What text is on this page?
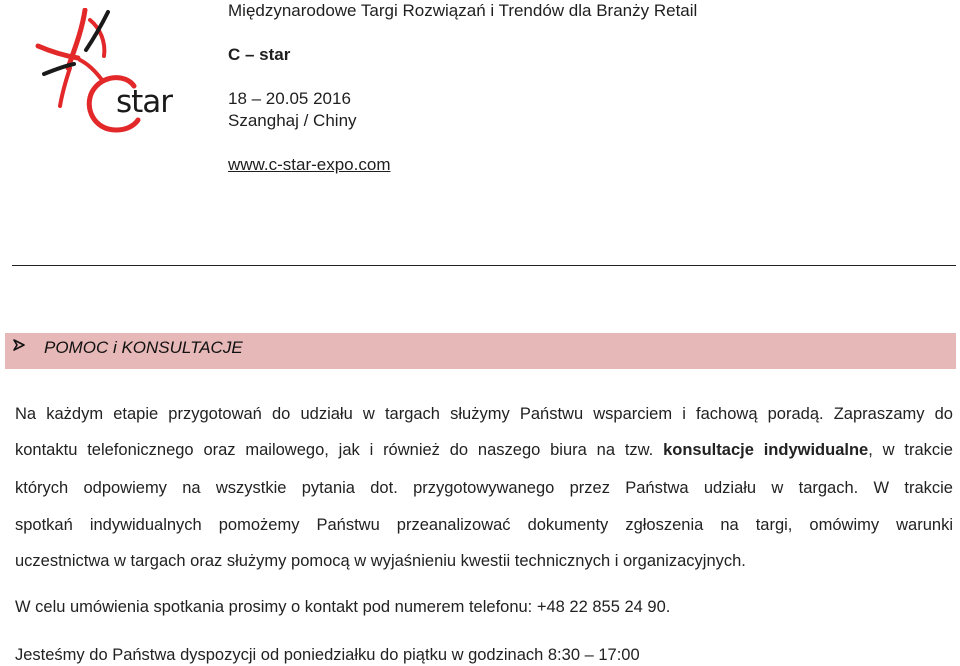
star
Międzynarodowe Targi Rozwiązań i Trendów dla Branży Retail
C – star
18 – 20.05 2016
Szanghaj / Chiny
www.c-star-expo.com
POMOC i KONSULTACJE
Na każdym etapie przygotowań do udziału w targach służymy Państwu wsparciem i fachową poradą. Zapraszamy do
kontaktu telefonicznego oraz mailowego, jak i również do naszego biura na tzw. konsultacje indywidualne, w trakcie
których odpowiemy na wszystkie pytania dot. przygotowywanego przez Państwa udziału w targach. W trakcie
spotkań indywidualnych pomożemy Państwu przeanalizować dokumenty zgłoszenia na targi, omówimy warunki
uczestnictwa w targach oraz służymy pomocą w wyjaśnieniu kwestii technicznych i organizacyjnych.
W celu umówienia spotkania prosimy o kontakt pod numerem telefonu: +48 22 855 24 90.
Jesteśmy do Państwa dyspozycji od poniedziałku do piątku w godzinach 8:30 – 17:00
